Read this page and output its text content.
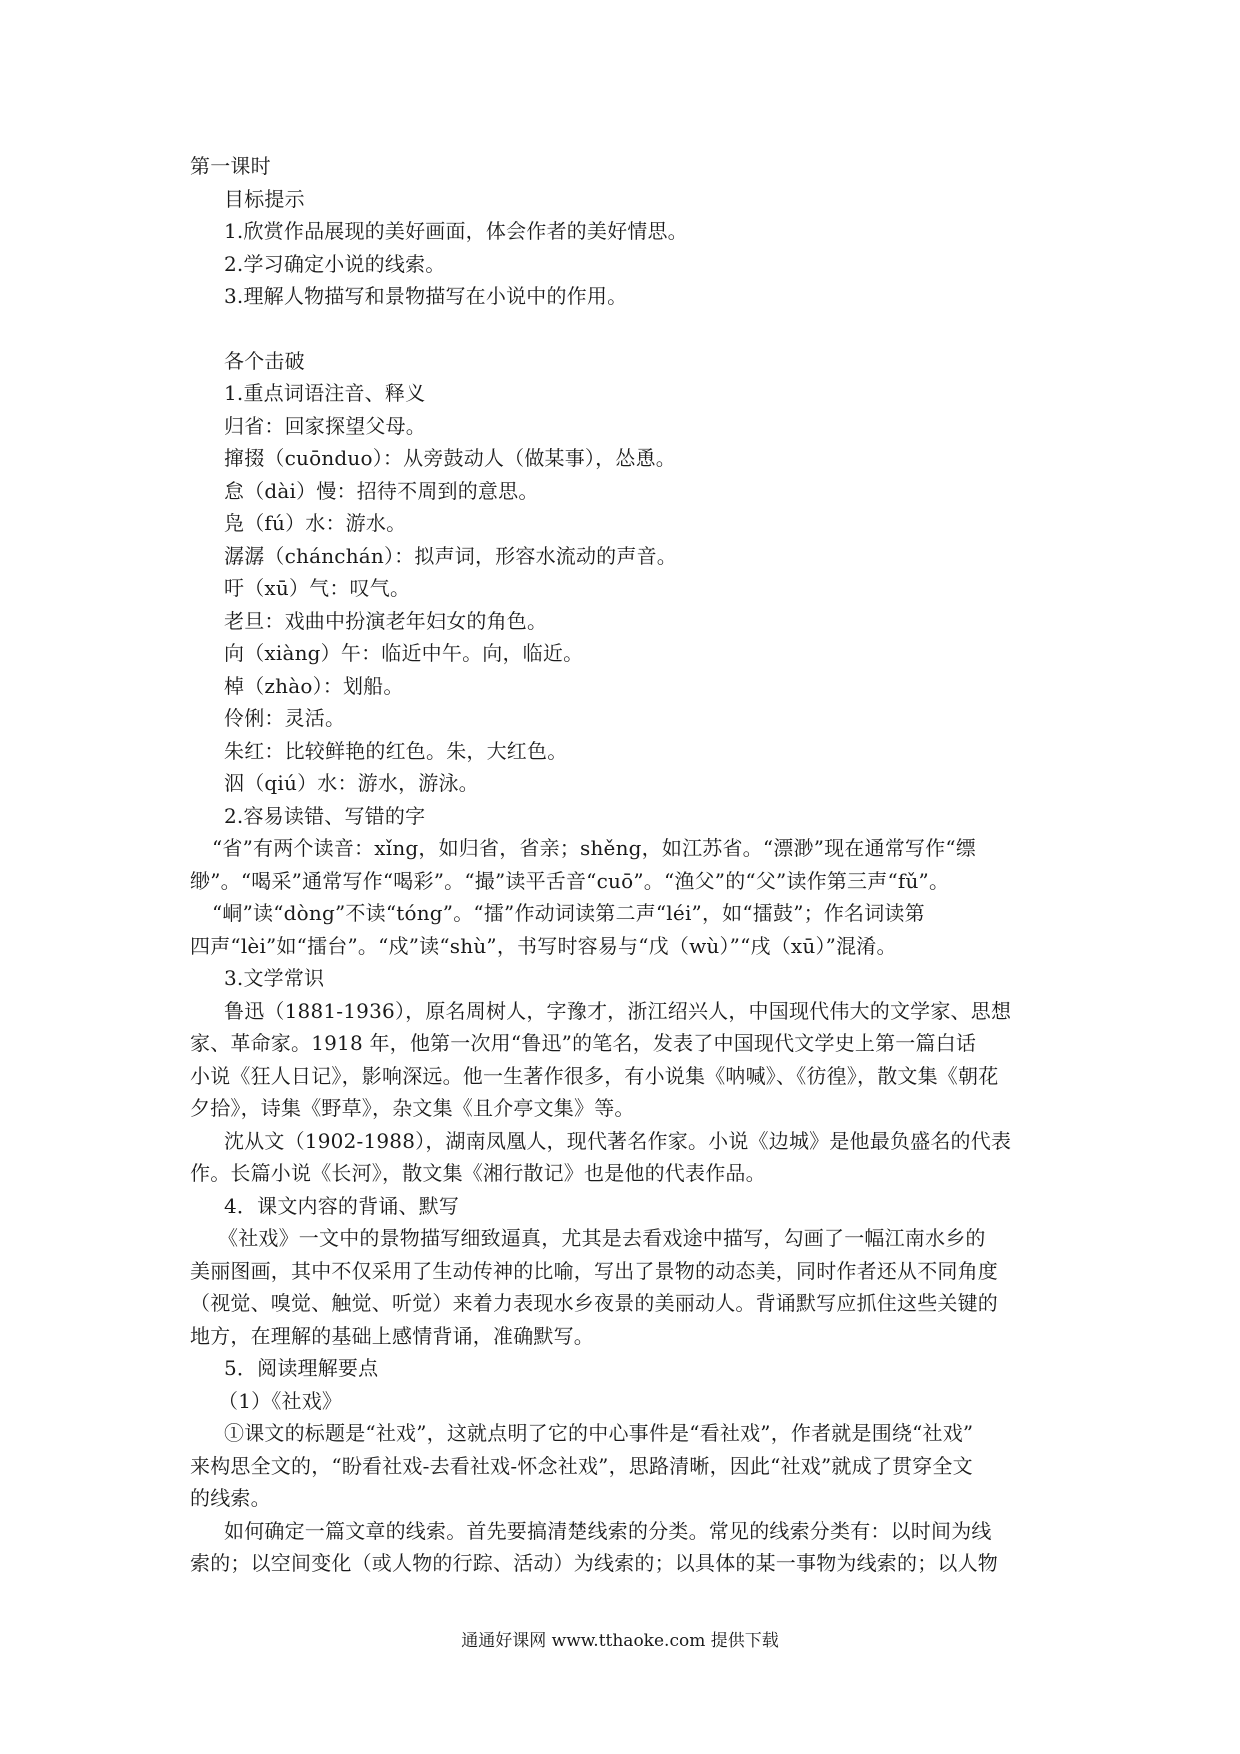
第一课时
目标提示
1.欣赏作品展现的美好画面，体会作者的美好情思。
2.学习确定小说的线索。
3.理解人物描写和景物描写在小说中的作用。
各个击破
1.重点词语注音、释义
归省：回家探望父母。
撺掇（cuōnduo）：从旁鼓动人（做某事），怂恿。
怠（dài）慢：招待不周到的意思。
凫（fú）水：游水。
潺潺（chánchán）：拟声词，形容水流动的声音。
吁（xū）气：叹气。
老旦：戏曲中扮演老年妇女的角色。
向（xiàng）午：临近中午。向，临近。
棹（zhào）：划船。
伶俐：灵活。
朱红：比较鲜艳的红色。朱，大红色。
泅（qiú）水：游水，游泳。
2.容易读错、写错的字
“省”有两个读音：xǐng，如归省，省亲；shěng，如江苏省。“漂渺”现在通常写作“缥
缈”。“喝采”通常写作“喝彩”。“撮”读平舌音“cuō”。“渔父”的“父”读作第三声“fǔ”。
“峒”读“dòng”不读“tóng”。“擂”作动词读第二声“léi”，如“擂鼓”；作名词读第
四声“lèi”如“擂台”。“戍”读“shù”，书写时容易与“戊（wù）”“戌（xū）”混淆。
3.文学常识
鲁迅（1881-1936），原名周树人，字豫才，浙江绍兴人，中国现代伟大的文学家、思想
家、革命家。1918 年，他第一次用“鲁迅”的笔名，发表了中国现代文学史上第一篇白话
小说《狂人日记》，影响深远。他一生著作很多，有小说集《呐喊》、《彷徨》，散文集《朝花
夕拾》，诗集《野草》，杂文集《且介亭文集》等。
沈从文（1902-1988），湖南凤凰人，现代著名作家。小说《边城》是他最负盛名的代表
作。长篇小说《长河》，散文集《湘行散记》也是他的代表作品。
4．课文内容的背诵、默写
《社戏》一文中的景物描写细致逼真，尤其是去看戏途中描写，勾画了一幅江南水乡的
美丽图画，其中不仅采用了生动传神的比喻，写出了景物的动态美，同时作者还从不同角度
（视觉、嗅觉、触觉、听觉）来着力表现水乡夜景的美丽动人。背诵默写应抓住这些关键的
地方，在理解的基础上感情背诵，准确默写。
5．阅读理解要点
（1）《社戏》
①课文的标题是“社戏”，这就点明了它的中心事件是“看社戏”，作者就是围绕“社戏”
来构思全文的，“盼看社戏-去看社戏-怀念社戏”，思路清晰，因此“社戏”就成了贯穿全文
的线索。
如何确定一篇文章的线索。首先要搞清楚线索的分类。常见的线索分类有：以时间为线
索的；以空间变化（或人物的行踪、活动）为线索的；以具体的某一事物为线索的；以人物
通通好课网 www.tthaoke.com 提供下载
